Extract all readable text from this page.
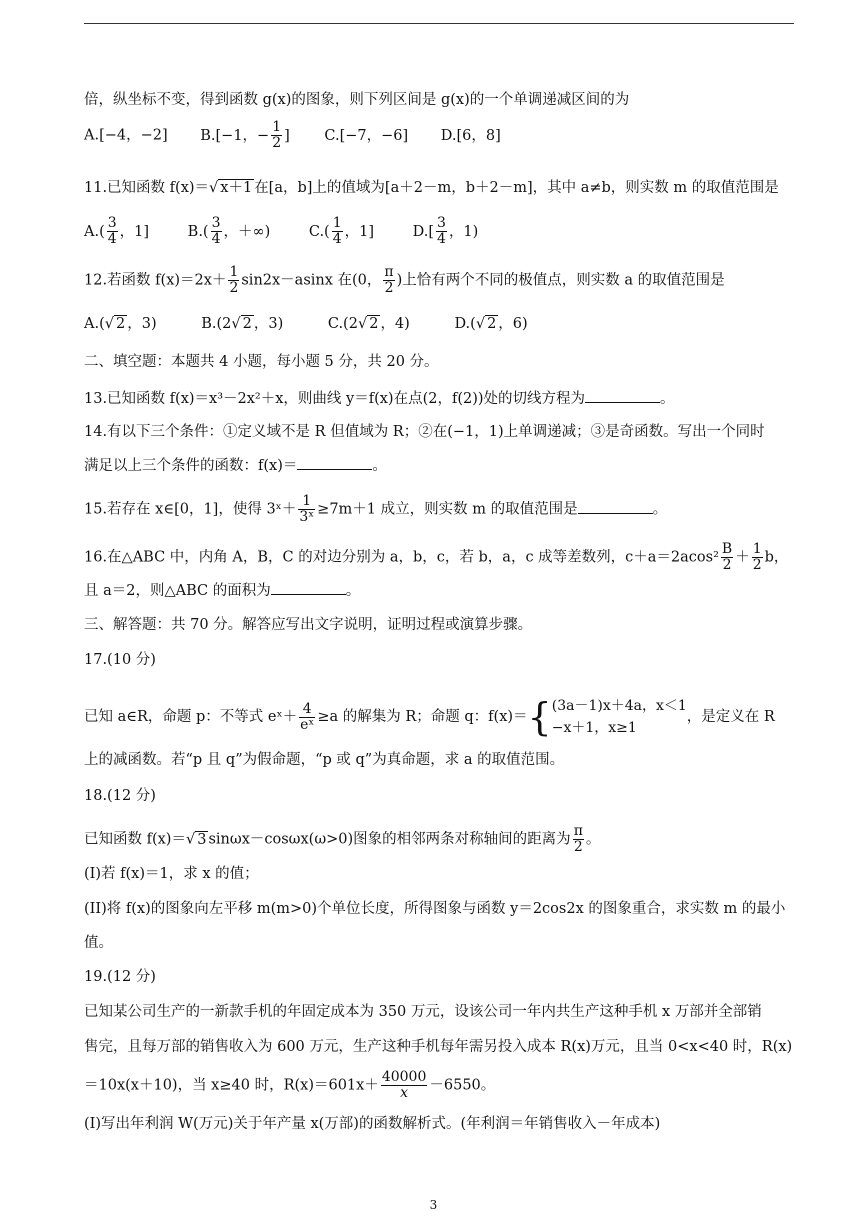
倍，纵坐标不变，得到函数 g(x)的图象，则下列区间是 g(x)的一个单调递减区间的为
A.[−4，−2] B.[−1，− $\frac{1}{2}$ ] C.[−7，−6] D.[6，8]
11.已知函数 f(x)＝√ x＋1 在[a，b]上的值域为[a＋2－m，b＋2－m]，其中 a≠b，则实数 m 的取值范围是
$A.( \frac{3}{4}$ ，1]	$B.( \frac{3}{4}$ ，＋∞)	$C.( \frac{1}{4}$ ，1]	$D.[ \frac{3}{4}$ ，1)
12.若函数 $f(x)=2x+ \frac{1}{2} \sin 2x-asinx$ 在(0， $\frac{\pi}{2}$ )上恰有两个不同的极值点，则实数 a 的取值范围是
A.(√ 2 ，3)	B.(2√ 2 ，3)	C.(2√ 2 ，4)	D.(√ 2 ，6)
二、填空题：本题共 4 小题，每小题 5 分，共 20 分。
13.已知函数 f(x)＝x³－2x²＋x，则曲线 y＝f(x)在点(2，f(2))处的切线方程为	。
14.有以下三个条件：①定义域不是 R 但值域为 R；②在(−1，1)上单调递减；③是奇函数。写出一个同时
满足以上三个条件的函数：f(x)＝	。
15.若存在 x∈[0，1]，使得 3ˣ＋ $\frac{1}{\text{3ˣ}} \ge 7m+1$ 成立，则实数 m 的取值范围是	。
16.在△ABC 中，内角 A，B，C 的对边分别为 a，b，c，若 b，a，c 成等差数列，$c+a=2acos^2 \frac{B}{2} + \frac{1}{2}$ b，
且 a＝2，则△ABC 的面积为	。
三、解答题：共 70 分。解答应写出文字说明，证明过程或演算步骤。
17.(10 分)
已知 a∈R，命题 p：不等式 eˣ＋ $\frac{4}{\text{eˣ}} \ge a$ 的解集为 R；命题 q：f(x)＝{ (3a－1)x＋4a，x＜1
−x＋1，x≥1
，是定义在 R
上的减函数。若“p 且 q”为假命题，“p 或 q”为真命题，求 a 的取值范围。
18.(12 分)
已知函数 f(x)＝√ 3 sinωx－cosωx(ω>0)图象的相邻两条对称轴间的距离为 $\frac{\pi}{2}$ 。
(I)若 f(x)＝1，求 x 的值；
(II)将 f(x)的图象向左平移 m(m>0)个单位长度，所得图象与函数 y＝2cos2x 的图象重合，求实数 m 的最小
值。
19.(12 分)
已知某公司生产的一新款手机的年固定成本为 350 万元，设该公司一年内共生产这种手机 x 万部并全部销
售完，且每万部的销售收入为 600 万元，生产这种手机每年需另投入成本 R(x)万元，且当 0<x<40 时，R(x)
＝10x(x＋10)，当 x≥40 时，$R(x)=601x+ \frac{40000}{x} -6550$。
(I)写出年利润 W(万元)关于年产量 x(万部)的函数解析式。(年利润＝年销售收入－年成本)
3
